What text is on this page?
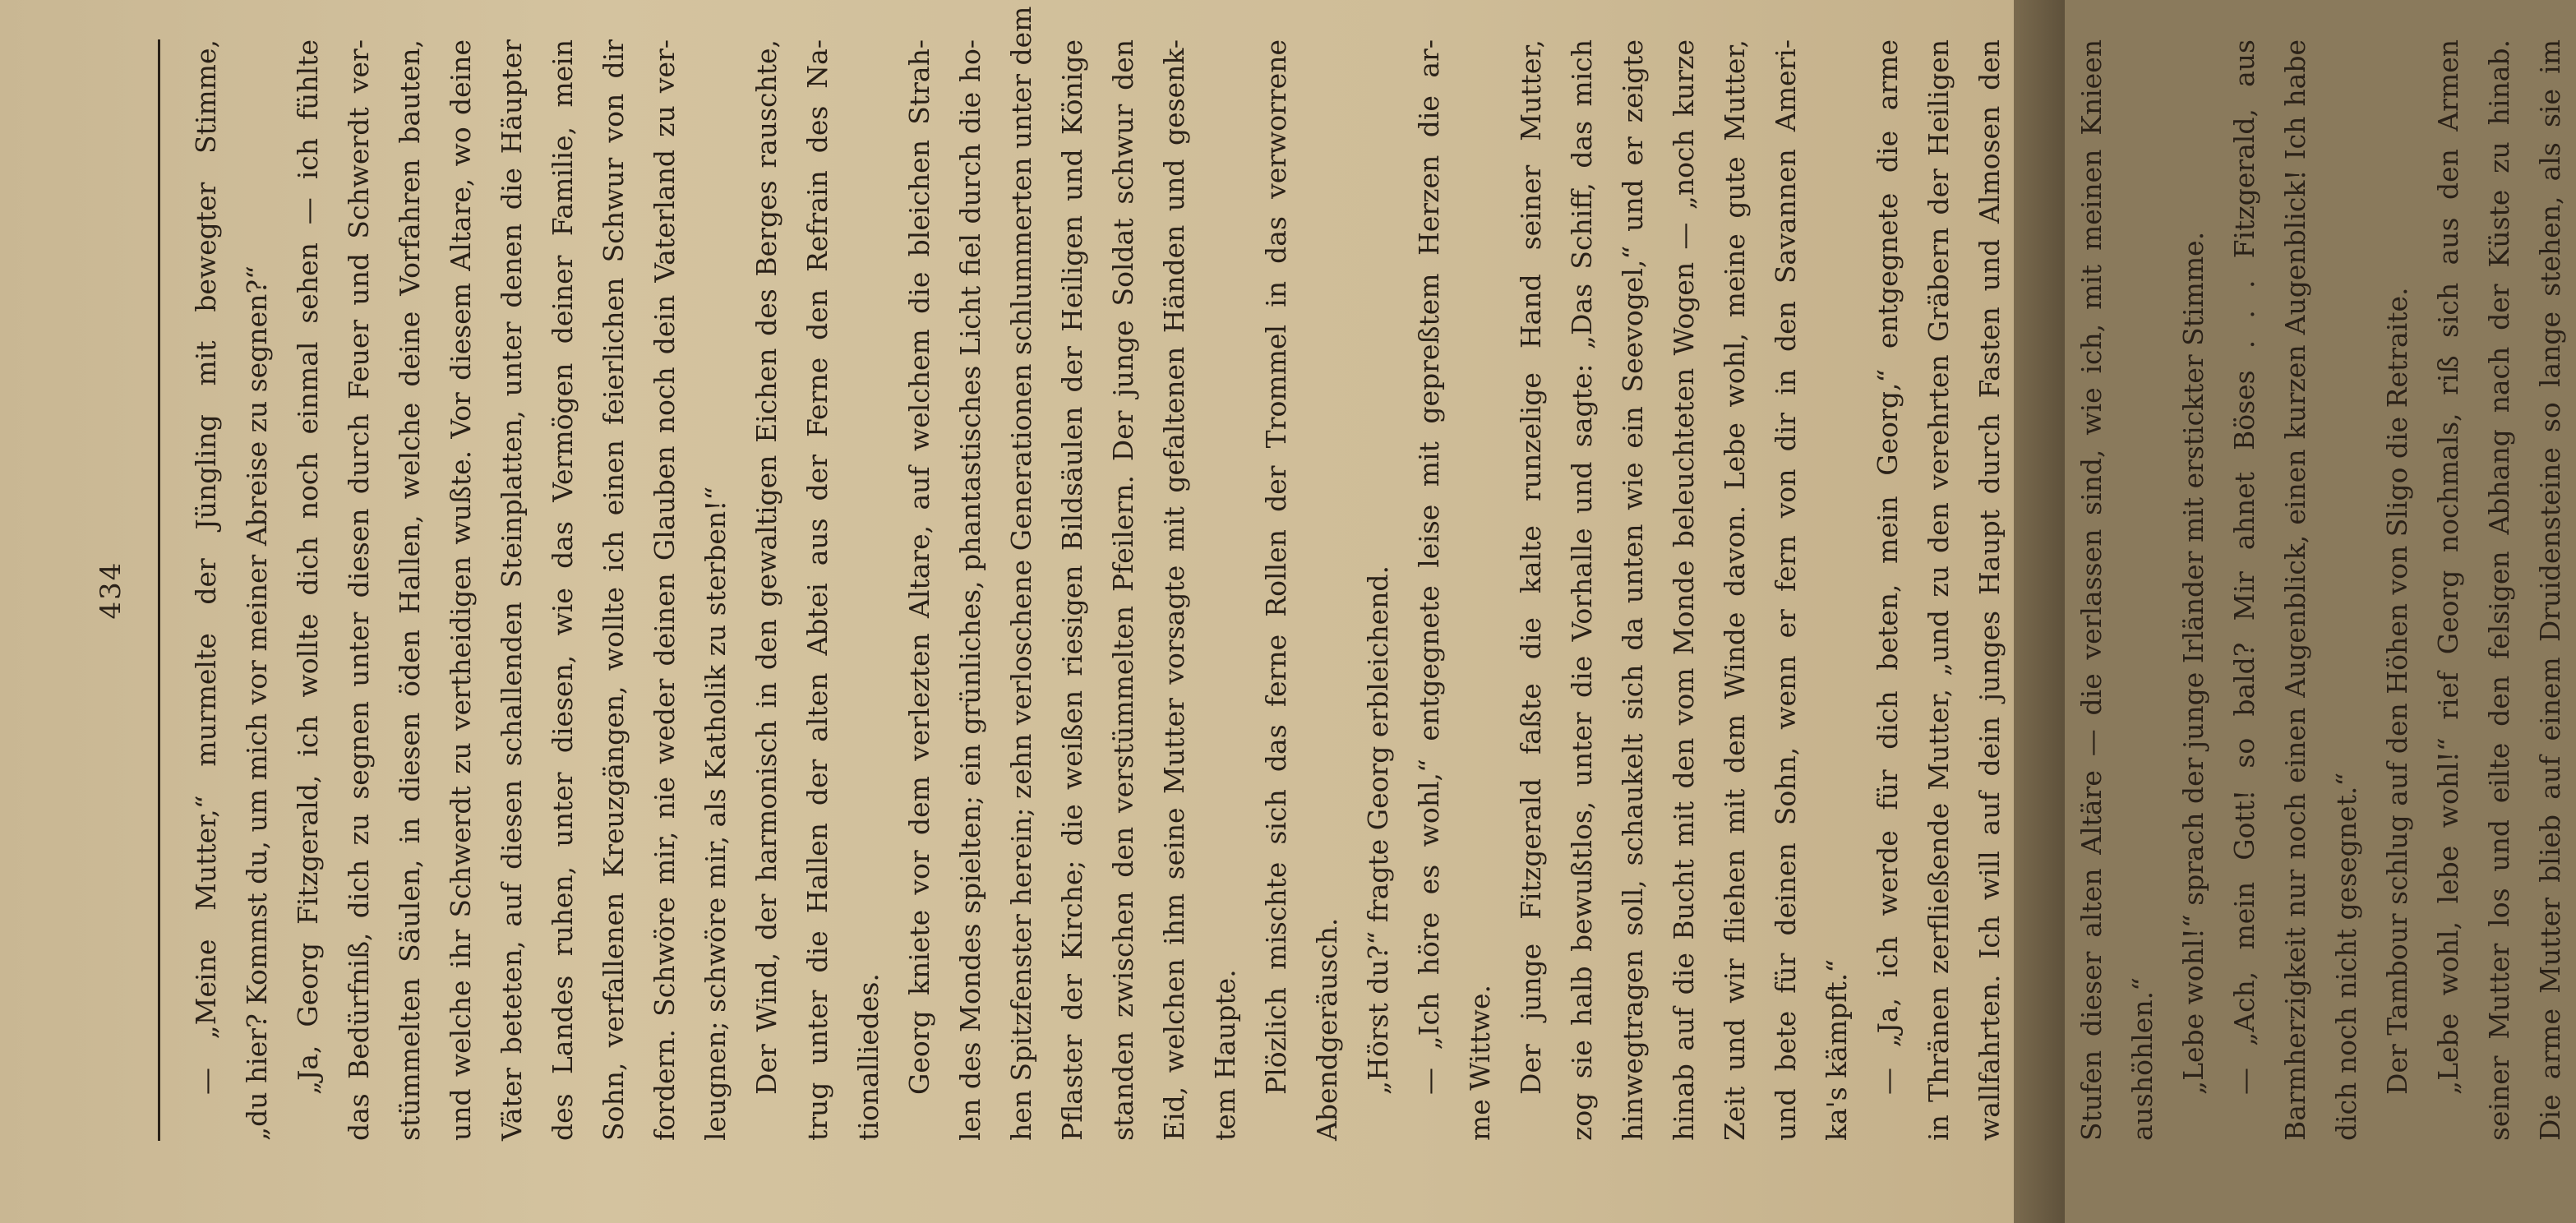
434	— „Meine Mutter,“ murmelte der Jüngling mit bewegter Stimme, „du hier? Kommst du, um mich vor meiner Abreise zu segnen?“ „Ja, Georg Fitzgerald, ich wollte dich noch einmal sehen — ich fühlte das Bedürfniß, dich zu segnen unter diesen durch Feuer und Schwerdt ver- stümmelten Säulen, in diesen öden Hallen, welche deine Vorfahren bauten, und welche ihr Schwerdt zu vertheidigen wußte. Vor diesem Altare, wo deine Väter beteten, auf diesen schallenden Steinplatten, unter denen die Häupter des Landes ruhen, unter diesen, wie das Vermögen deiner Familie, mein Sohn, verfallenen Kreuzgängen, wollte ich einen feierlichen Schwur von dir fordern. Schwöre mir, nie weder deinen Glauben noch dein Vaterland zu ver- leugnen; schwöre mir, als Katholik zu sterben!“ Der Wind, der harmonisch in den gewaltigen Eichen des Berges rauschte, trug unter die Hallen der alten Abtei aus der Ferne den Refrain des Na- tionalliedes. Georg kniete vor dem verlezten Altare, auf welchem die bleichen Strah- len des Mondes spielten; ein grünliches, phantastisches Licht fiel durch die ho- hen Spitzfenster herein; zehn verloschene Generationen schlummerten unter dem Pflaster der Kirche; die weißen riesigen Bildsäulen der Heiligen und Könige standen zwischen den verstümmelten Pfeilern. Der junge Soldat schwur den Eid, welchen ihm seine Mutter vorsagte mit gefaltenen Händen und gesenk- tem Haupte. Plözlich mischte sich das ferne Rollen der Trommel in das verworrene Abendgeräusch. „Hörst du?“ fragte Georg erbleichend. — „Ich höre es wohl,“ entgegnete leise mit gepreßtem Herzen die ar- me Wittwe. Der junge Fitzgerald faßte die kalte runzelige Hand seiner Mutter, zog sie halb bewußtlos, unter die Vorhalle und sagte: „Das Schiff, das mich hinwegtragen soll, schaukelt sich da unten wie ein Seevogel,“ und er zeigte hinab auf die Bucht mit den vom Monde beleuchteten Wogen — „noch kurze Zeit und wir fliehen mit dem Winde davon. Lebe wohl, meine gute Mutter, und bete für deinen Sohn, wenn er fern von dir in den Savannen Ameri- ka's kämpft.“ — „Ja, ich werde für dich beten, mein Georg,“ entgegnete die arme in Thränen zerfließende Mutter, „und zu den verehrten Gräbern der Heiligen wallfahrten. Ich will auf dein junges Haupt durch Fasten und Almosen den	Stufen dieser alten Altäre — die verlassen sind, wie ich, mit meinen Knieen aushöhlen.“ „Lebe wohl!“ sprach der junge Irländer mit erstickter Stimme. — „Ach, mein Gott! so bald? Mir ahnet Böses . . . Fitzgerald, aus Barmherzigkeit nur noch einen Augenblick, einen kurzen Augenblick! Ich habe dich noch nicht gesegnet.“ Der Tambour schlug auf den Höhen von Sligo die Retraite. „Lebe wohl, lebe wohl!“ rief Georg nochmals, riß sich aus den Armen seiner Mutter los und eilte den felsigen Abhang nach der Küste zu hinab. Die arme Mutter blieb auf einem Druidensteine so lange stehen, als sie im
